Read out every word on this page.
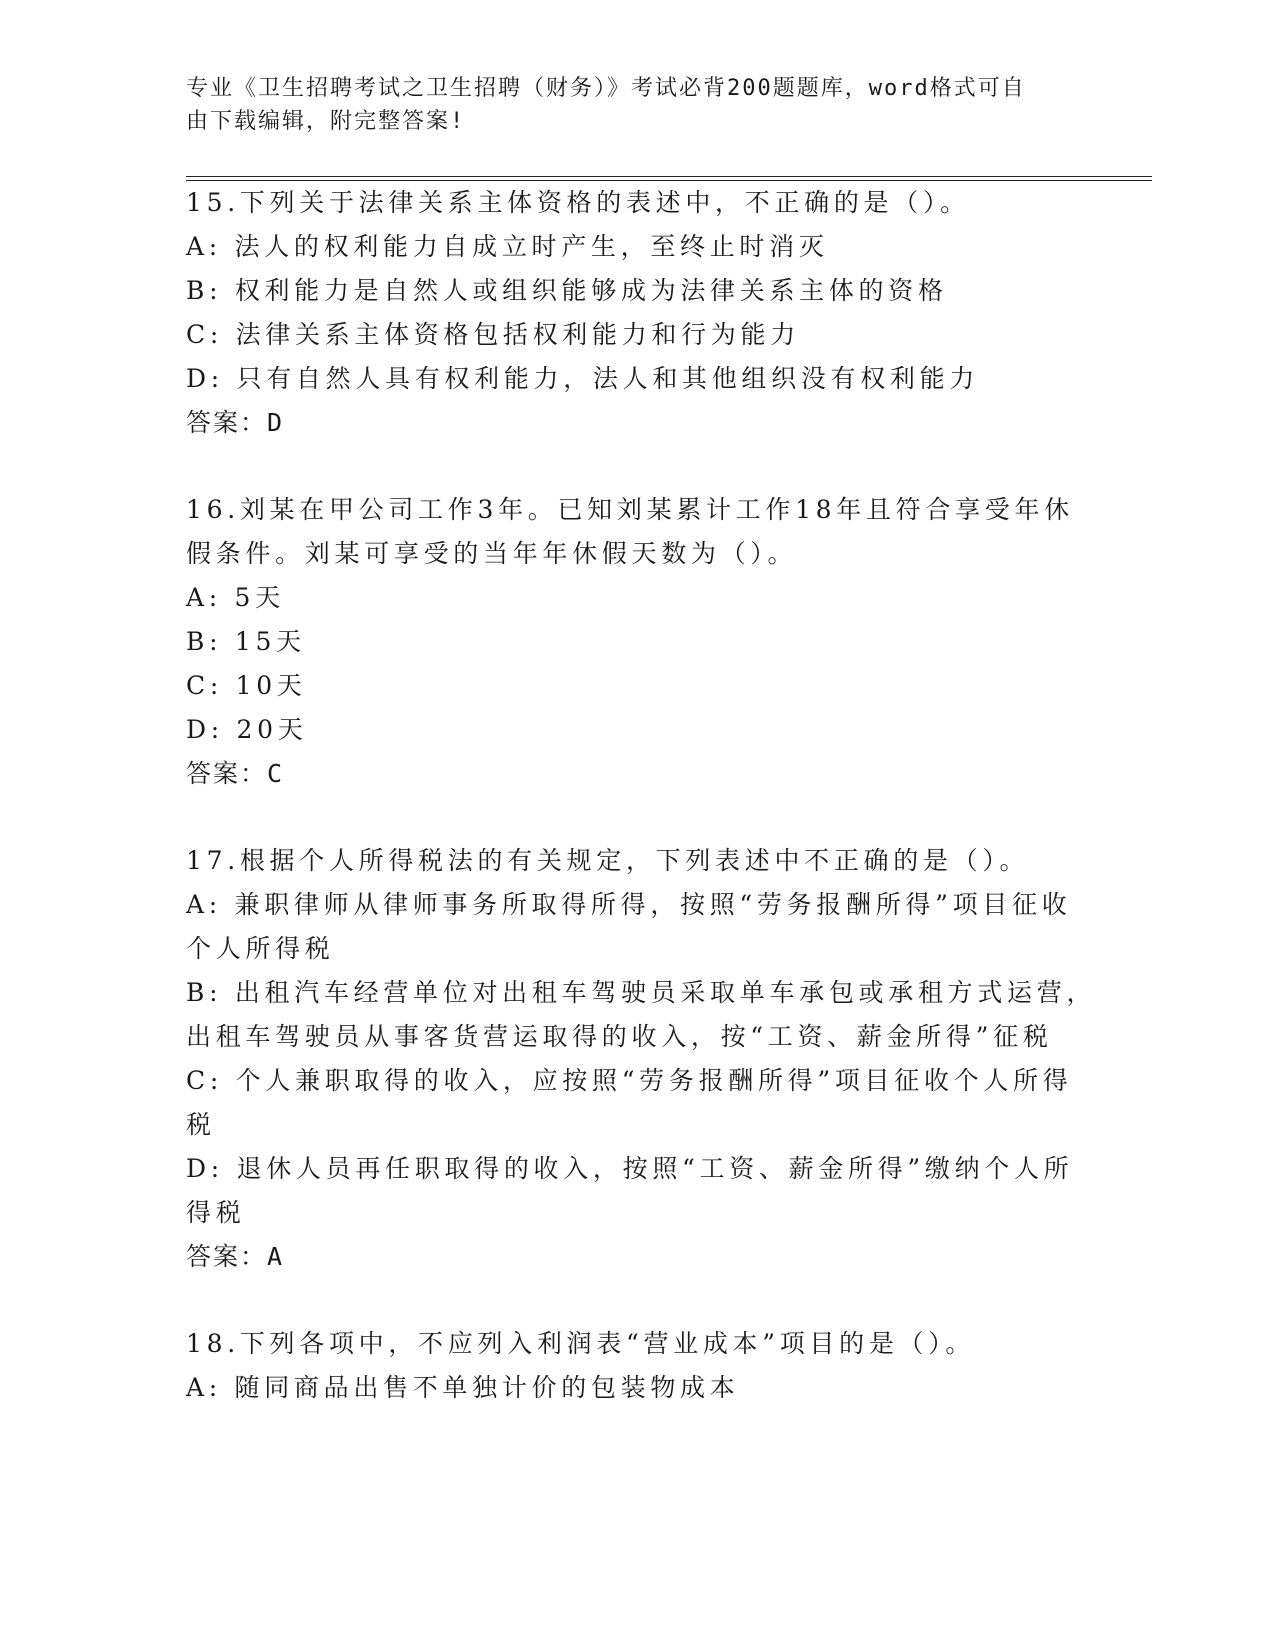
专业《卫生招聘考试之卫生招聘（财务）》考试必背200题题库，word格式可自
由下载编辑，附完整答案!
15.下列关于法律关系主体资格的表述中，不正确的是（）。
A: 法人的权利能力自成立时产生，至终止时消灭
B: 权利能力是自然人或组织能够成为法律关系主体的资格
C: 法律关系主体资格包括权利能力和行为能力
D: 只有自然人具有权利能力，法人和其他组织没有权利能力
答案：D
16.刘某在甲公司工作3年。已知刘某累计工作18年且符合享受年休
假条件。刘某可享受的当年年休假天数为（）。
A: 5天
B: 15天
C: 10天
D: 20天
答案：C
17.根据个人所得税法的有关规定，下列表述中不正确的是（）。
A: 兼职律师从律师事务所取得所得，按照“劳务报酬所得”项目征收
个人所得税
B: 出租汽车经营单位对出租车驾驶员采取单车承包或承租方式运营，
出租车驾驶员从事客货营运取得的收入，按“工资、薪金所得”征税
C: 个人兼职取得的收入，应按照“劳务报酬所得”项目征收个人所得
税
D: 退休人员再任职取得的收入，按照“工资、薪金所得”缴纳个人所
得税
答案：A
18.下列各项中，不应列入利润表“营业成本”项目的是（）。
A: 随同商品出售不单独计价的包装物成本
